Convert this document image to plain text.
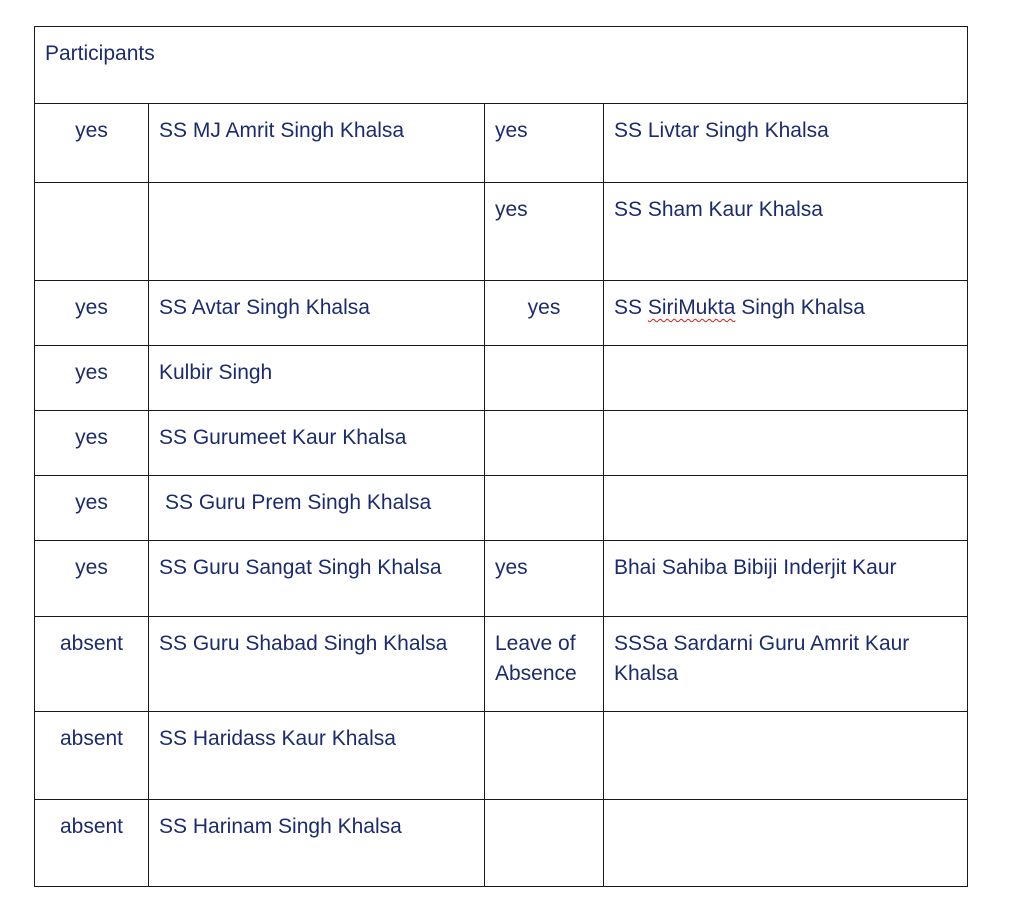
Participants			
yes	SS MJ Amrit Singh Khalsa	yes	SS Livtar Singh Khalsa
		yes	SS Sham Kaur Khalsa
yes	SS Avtar Singh Khalsa	yes	SS SiriMukta Singh Khalsa
yes	Kulbir Singh		
yes	SS Gurumeet Kaur Khalsa		
yes	SS Guru Prem Singh Khalsa		
yes	SS Guru Sangat Singh Khalsa	yes	Bhai Sahiba Bibiji Inderjit Kaur
absent	SS Guru Shabad Singh Khalsa	Leave of Absence	SSSa Sardarni Guru Amrit Kaur Khalsa
absent	SS Haridass Kaur Khalsa		
absent	SS Harinam Singh Khalsa		
